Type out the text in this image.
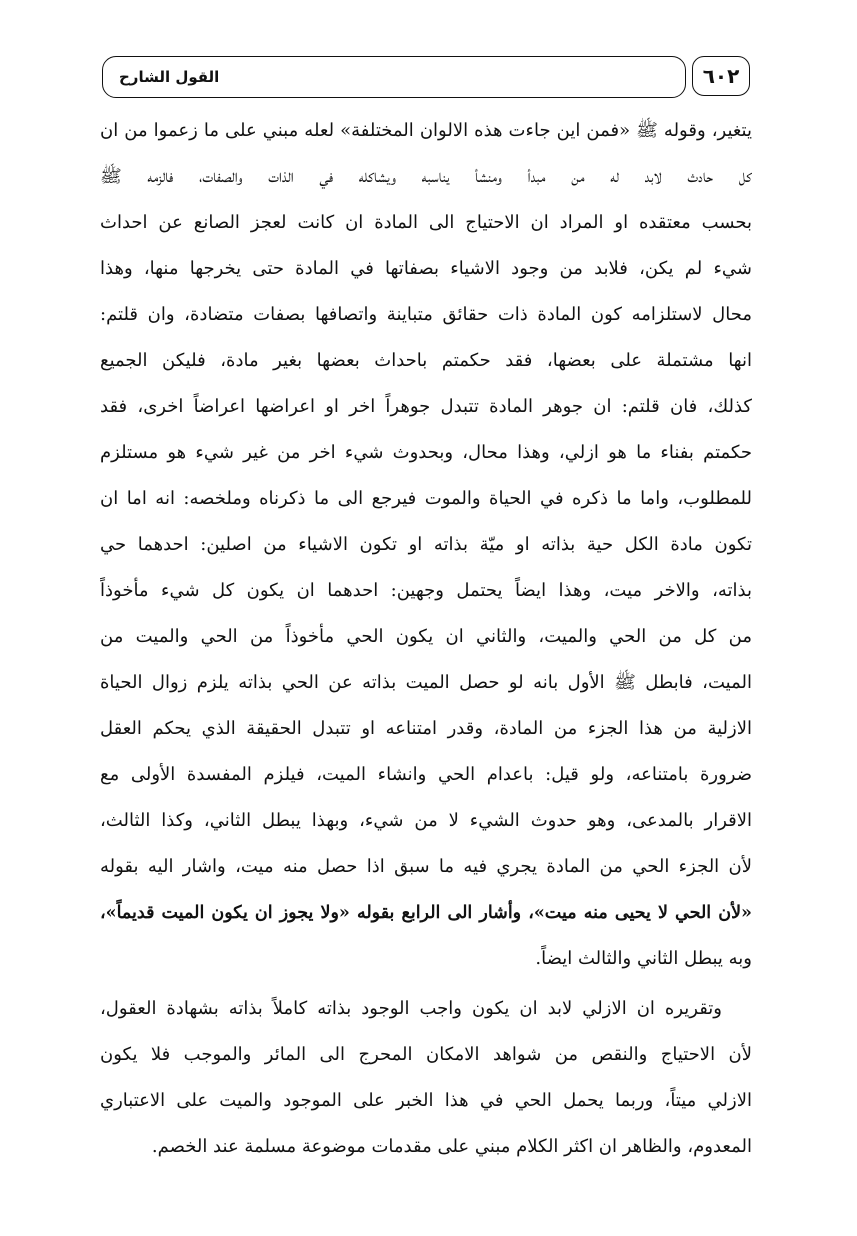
٦٠٢
القول الشارح
يتغير، وقوله ﷺ «فمن اين جاءت هذه الالوان المختلفة» لعله مبني على ما زعموا من ان
كل حادث لابد له من مبدأ ومنشأ يناسبه ويشاكله في الذات والصفات، فالزمه ﷺ
بحسب معتقده او المراد ان الاحتياج الى المادة ان كانت لعجز الصانع عن احداث
شيء لم يكن، فلابد من وجود الاشياء بصفاتها في المادة حتى يخرجها منها، وهذا
محال لاستلزامه كون المادة ذات حقائق متباينة واتصافها بصفات متضادة، وان قلتم:
انها مشتملة على بعضها، فقد حكمتم باحداث بعضها بغير مادة، فليكن الجميع
كذلك، فان قلتم: ان جوهر المادة تتبدل جوهراً اخر او اعراضها اعراضاً اخرى، فقد
حكمتم بفناء ما هو ازلي، وهذا محال، وبحدوث شيء اخر من غير شيء هو مستلزم
للمطلوب، واما ما ذكره في الحياة والموت فيرجع الى ما ذكرناه وملخصه: انه اما ان
تكون مادة الكل حية بذاته او ميّة بذاته او تكون الاشياء من اصلين: احدهما حي
بذاته، والاخر ميت، وهذا ايضاً يحتمل وجهين: احدهما ان يكون كل شيء مأخوذاً
من كل من الحي والميت، والثاني ان يكون الحي مأخوذاً من الحي والميت من
الميت، فابطل ﷺ الأول بانه لو حصل الميت بذاته عن الحي بذاته يلزم زوال الحياة
الازلية من هذا الجزء من المادة، وقدر امتناعه او تتبدل الحقيقة الذي يحكم العقل
ضرورة بامتناعه، ولو قيل: باعدام الحي وانشاء الميت، فيلزم المفسدة الأولى مع
الاقرار بالمدعى، وهو حدوث الشيء لا من شيء، وبهذا يبطل الثاني، وكذا الثالث،
لأن الجزء الحي من المادة يجري فيه ما سبق اذا حصل منه ميت، واشار اليه بقوله
«لأن الحي لا يحيى منه ميت»، وأشار الى الرابع بقوله «ولا يجوز ان يكون الميت قديماً»،
وبه يبطل الثاني والثالث ايضاً.
وتقريره ان الازلي لابد ان يكون واجب الوجود بذاته كاملاً بذاته بشهادة العقول،
لأن الاحتياج والنقص من شواهد الامكان المحرج الى المائر والموجب فلا يكون
الازلي ميتاً، وربما يحمل الحي في هذا الخبر على الموجود والميت على الاعتباري
المعدوم، والظاهر ان اكثر الكلام مبني على مقدمات موضوعة مسلمة عند الخصم.
